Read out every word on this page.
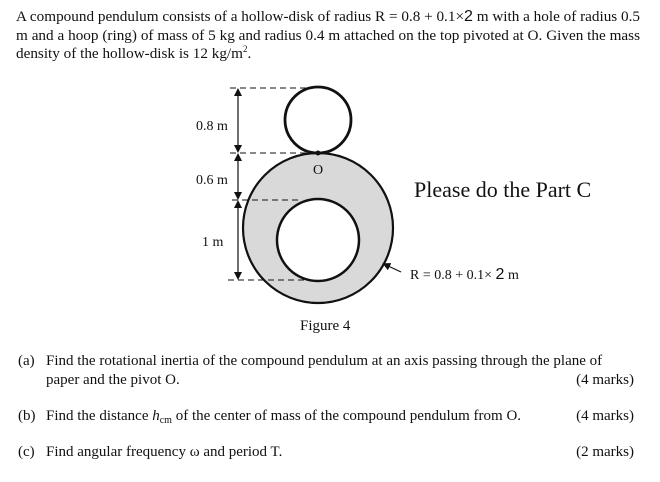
A compound pendulum consists of a hollow-disk of radius R = 0.8 + 0.1×2 m with a hole of radius 0.5 m and a hoop (ring) of mass of 5 kg and radius 0.4 m attached on the top pivoted at O. Given the mass density of the hollow-disk is 12 $kg/m^2$.
0.8 m
0.6 m
1 m
O
R = 0.8 + 0.1× 2 m
Please do the Part C
Figure 4
(a) Find the rotational inertia of the compound pendulum at an axis passing through the plane of
paper and the pivot O.	(4 marks)
(b) Find the distance $h_{cm}$ of the center of mass of the compound pendulum from O.	(4 marks)
(c) Find angular frequency ω and period T.	(2 marks)
